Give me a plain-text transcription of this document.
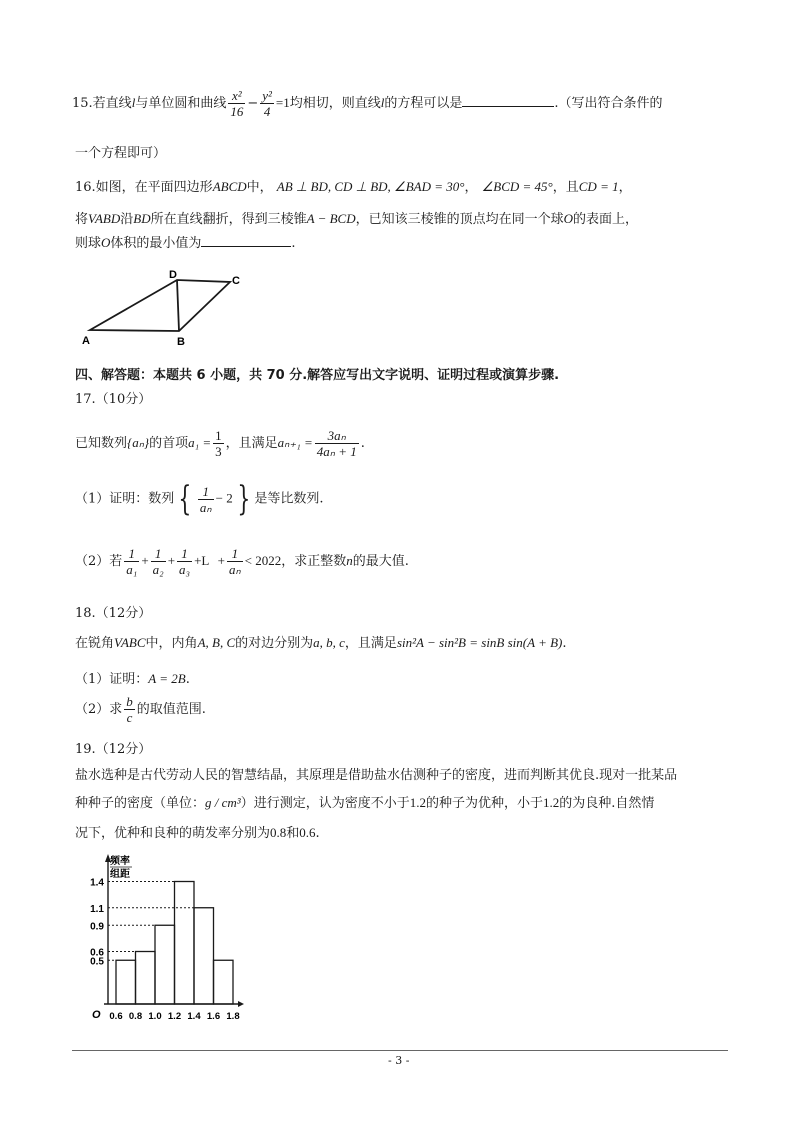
15.若直线l与单位圆和曲线 $\frac{\text{x²}}{16} - \frac{\text{y²}}{4} =1$均相切，则直线l的方程可以是	.（写出符合条件的
一个方程即可）
16.如图，在平面四边形ABCD中， AB ⊥ BD, CD ⊥ BD, ∠BAD = 30°， ∠BCD = 45°，且CD = 1，
将VABD沿BD所在直线翻折，得到三棱锥A − BCD，已知该三棱锥的顶点均在同一个球O的表面上，
则球O体积的最小值为	.
A	B
C
D
四、解答题：本题共 6 小题，共 70 分.解答应写出文字说明、证明过程或演算步骤.
17.（10分）
已知数列{aₙ}的首项$a_1 = \frac{1}{3}$ ，且满足$a_{n+1} = \frac{\text{3aₙ}}{\text{4aₙ + 1}}$ .
（1）证明：数列 { $\frac{1}{\text{aₙ}} - 2$ } 是等比数列.
（2）若 $\frac{1}{\text{a₁}} + \frac{1}{\text{a₂}} + \frac{1}{\text{a₃}} +L + \frac{1}{\text{aₙ}} < 2022$，求正整数n的最大值.
18.（12分）
在锐角VABC中，内角A, B, C的对边分别为a, b, c，且满足sin²A − sin²B = sinB sin(A + B).
（1）证明：A = 2B.
（2）求 $\frac{b}{c}$ 的取值范围.
19.（12分）
盐水选种是古代劳动人民的智慧结晶，其原理是借助盐水估测种子的密度，进而判断其优良.现对一批某品
种种子的密度（单位：g / cm³）进行测定，认为密度不小于1.2的种子为优种，小于1.2的为良种.自然情
况下，优种和良种的萌发率分别为0.8和0.6.
频率
组距
O
0.5
0.6
0.9
1.1
1.4
0.6 0.8 1.0 1.2 1.4 1.6 1.8
- 3 -
